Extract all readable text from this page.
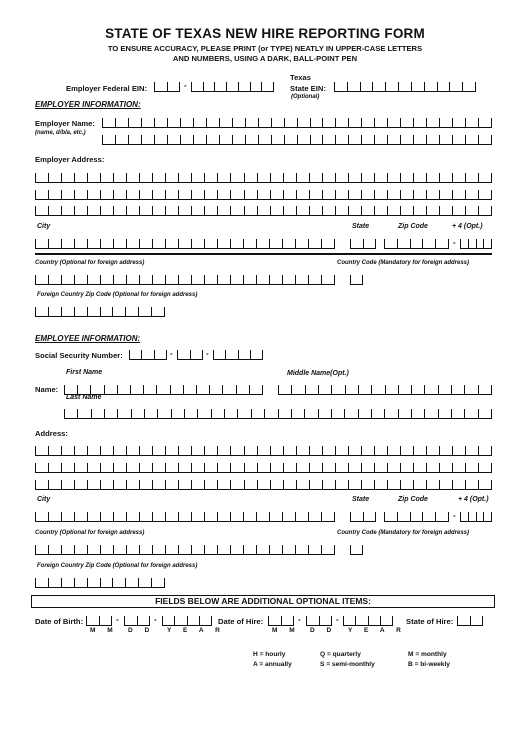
STATE OF TEXAS NEW HIRE REPORTING FORM
TO ENSURE ACCURACY, PLEASE PRINT (or TYPE) NEATLY IN UPPER-CASE LETTERS
AND NUMBERS, USING A DARK, BALL-POINT PEN
Employer Federal EIN:	-
Texas
State EIN:
(Optional)
EMPLOYER INFORMATION:
Employer Name:
(name, d/b/a, etc.)
Employer Address:
City	State	Zip Code	+ 4 (Opt.)
-
Country (Optional for foreign address)	Country Code (Mandatory for foreign address)
Foreign Country Zip Code (Optional for foreign address)
EMPLOYEE INFORMATION:
Social Security Number:	-	-
First Name	Middle Name(Opt.)
Name:
Last Name
Address:
City	State	Zip Code	+ 4 (Opt.)
-
Country (Optional for foreign address)	Country Code (Mandatory for foreign address)
Foreign Country Zip Code (Optional for foreign address)
FIELDS BELOW ARE ADDITIONAL OPTIONAL ITEMS:
Date of Birth:	-	-
M M D D Y E A R
Date of Hire:	-	-
M M D D Y E A R
State of Hire:
H = hourly	Q = quarterly	M = monthly
A = annually	S = semi-monthly	B = bi-weekly
